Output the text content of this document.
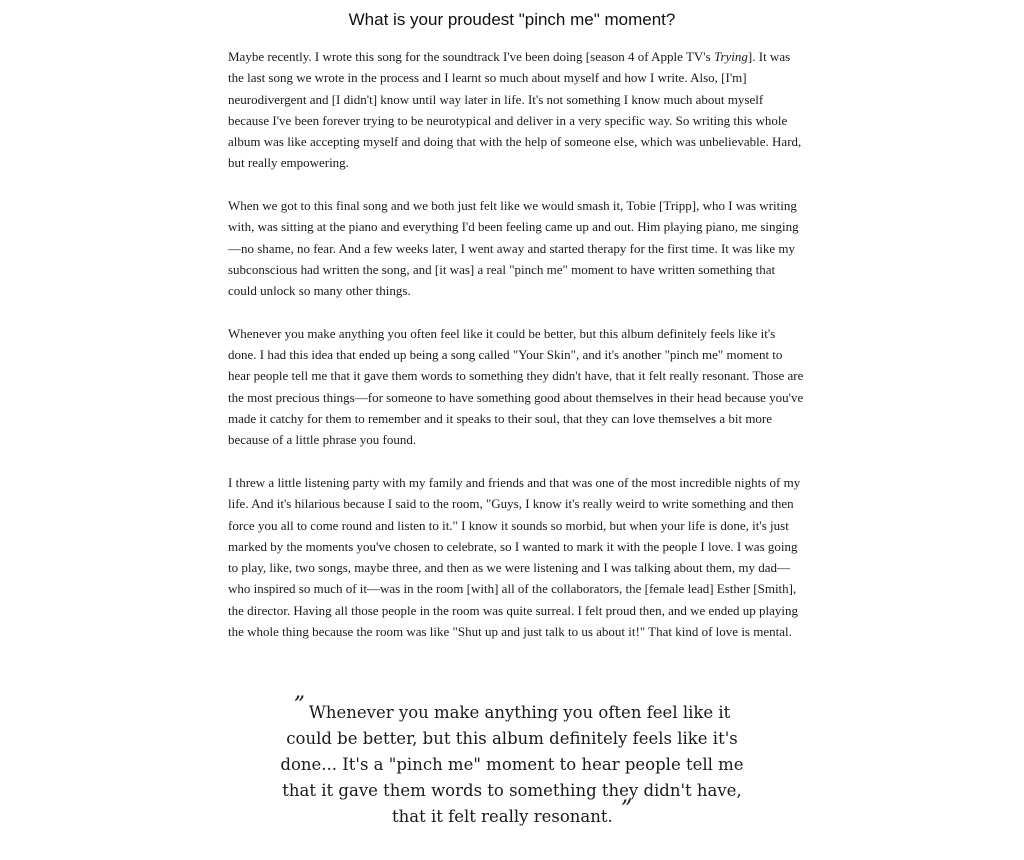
What is your proudest "pinch me" moment?

Maybe recently. I wrote this song for the soundtrack I've been doing [season 4 of Apple TV's Trying]. It was the last song we wrote in the process and I learnt so much about myself and how I write. Also, [I'm] neurodivergent and [I didn't] know until way later in life. It's not something I know much about myself because I've been forever trying to be neurotypical and deliver in a very specific way. So writing this whole album was like accepting myself and doing that with the help of someone else, which was unbelievable. Hard, but really empowering.

When we got to this final song and we both just felt like we would smash it, Tobie [Tripp], who I was writing with, was sitting at the piano and everything I'd been feeling came up and out. Him playing piano, me singing—no shame, no fear. And a few weeks later, I went away and started therapy for the first time. It was like my subconscious had written the song, and [it was] a real "pinch me" moment to have written something that could unlock so many other things.

Whenever you make anything you often feel like it could be better, but this album definitely feels like it's done. I had this idea that ended up being a song called "Your Skin", and it's another "pinch me" moment to hear people tell me that it gave them words to something they didn't have, that it felt really resonant. Those are the most precious things—for someone to have something good about themselves in their head because you've made it catchy for them to remember and it speaks to their soul, that they can love themselves a bit more because of a little phrase you found.

I threw a little listening party with my family and friends and that was one of the most incredible nights of my life. And it's hilarious because I said to the room, "Guys, I know it's really weird to write something and then force you all to come round and listen to it." I know it sounds so morbid, but when your life is done, it's just marked by the moments you've chosen to celebrate, so I wanted to mark it with the people I love. I was going to play, like, two songs, maybe three, and then as we were listening and I was talking about them, my dad—who inspired so much of it—was in the room [with] all of the collaborators, the [female lead] Esther [Smith], the director. Having all those people in the room was quite surreal. I felt proud then, and we ended up playing the whole thing because the room was like "Shut up and just talk to us about it!" That kind of love is mental.

” Whenever you make anything you often feel like it could be better, but this album definitely feels like it's done... It's a "pinch me" moment to hear people tell me that it gave them words to something they didn't have, that it felt really resonant. ”
